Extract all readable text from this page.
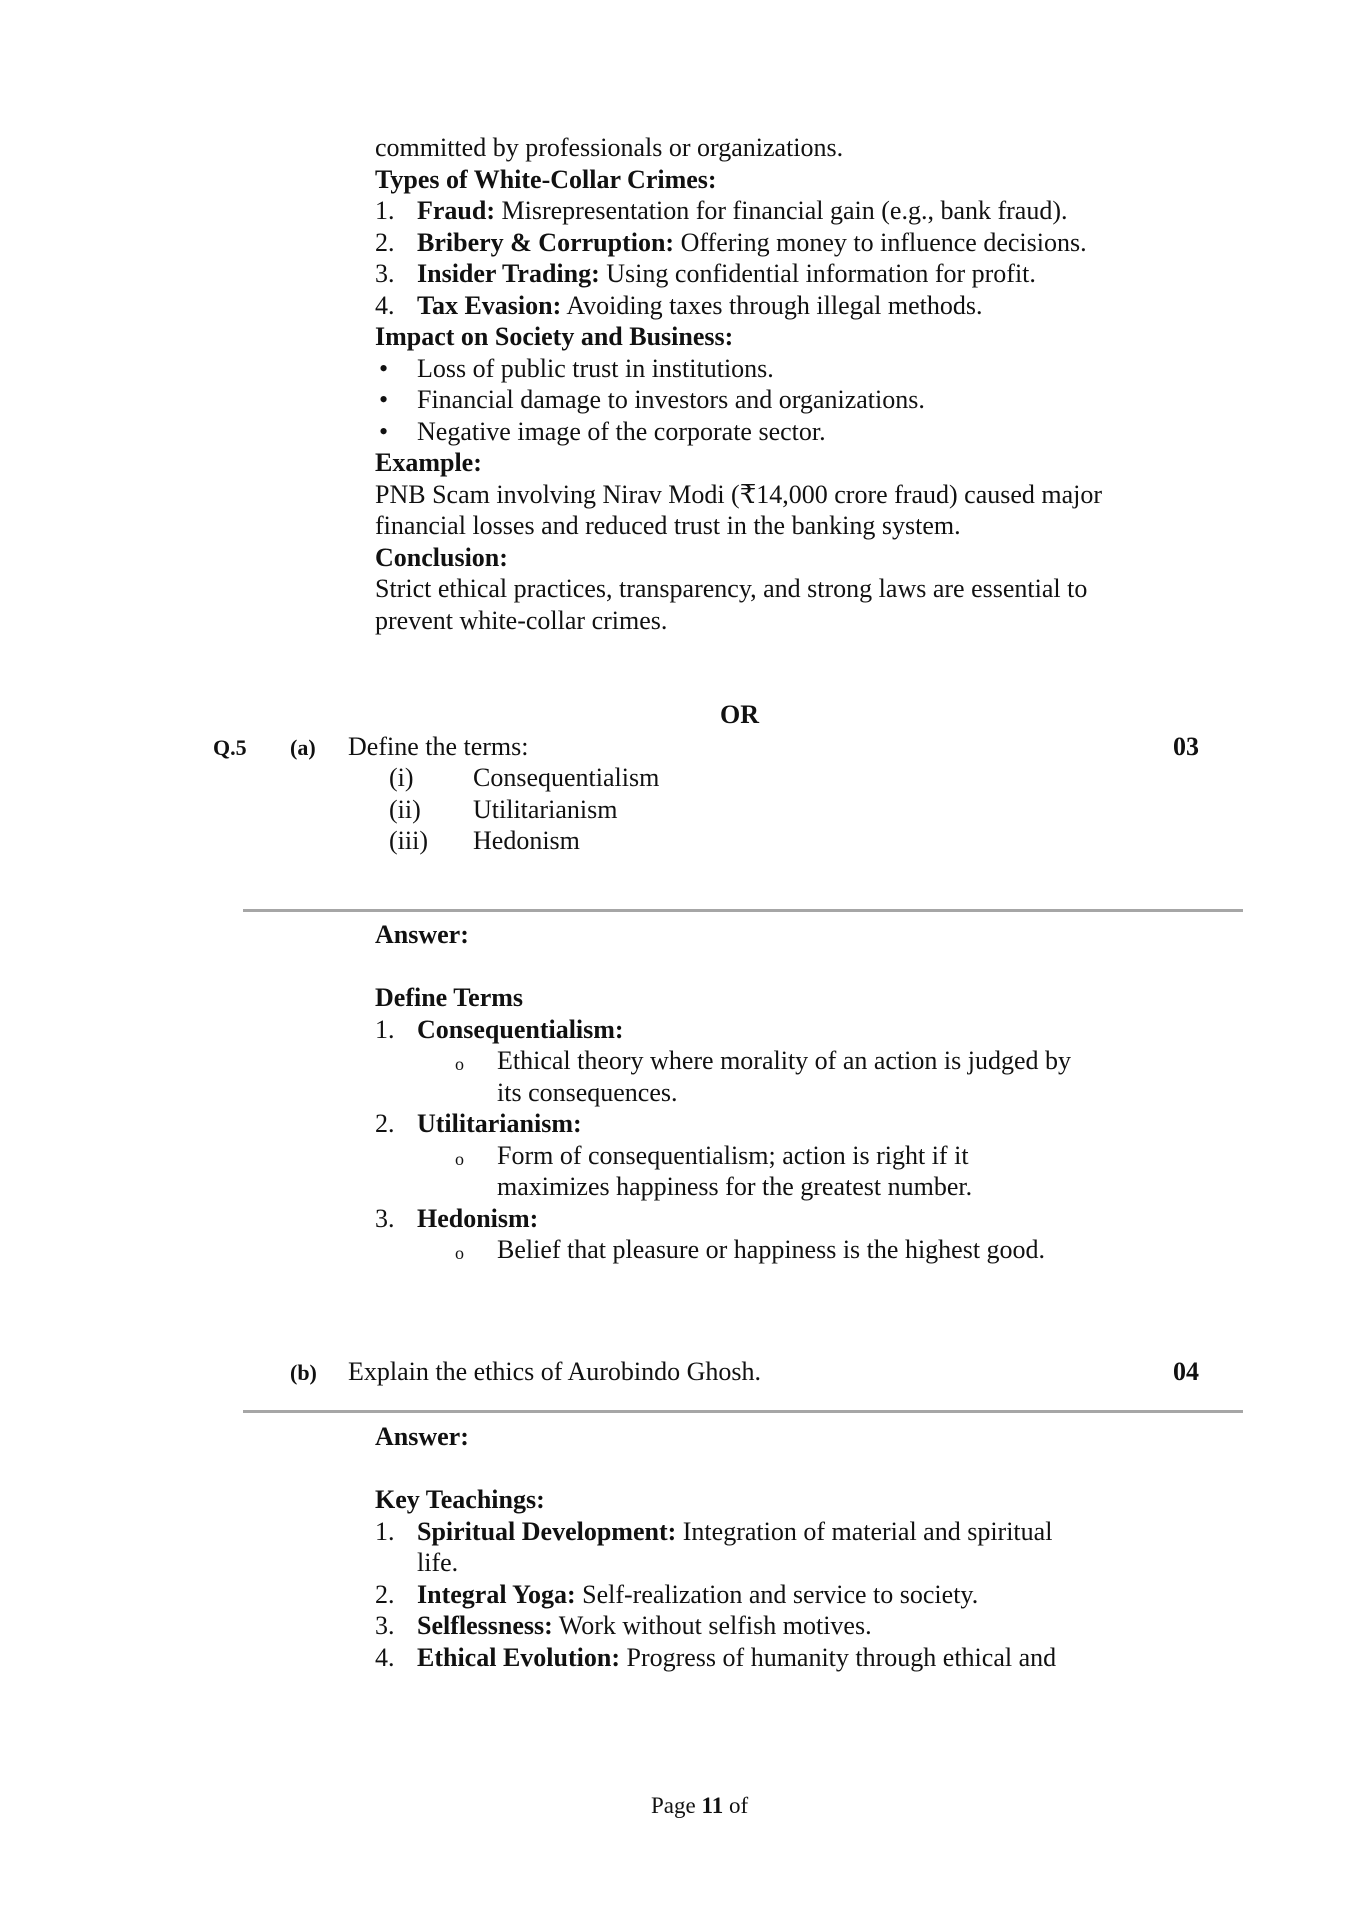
committed by professionals or organizations.
Types of White-Collar Crimes:
1. Fraud: Misrepresentation for financial gain (e.g., bank fraud).
2. Bribery & Corruption: Offering money to influence decisions.
3. Insider Trading: Using confidential information for profit.
4. Tax Evasion: Avoiding taxes through illegal methods.
Impact on Society and Business:
•	Loss of public trust in institutions.
•	Financial damage to investors and organizations.
•	Negative image of the corporate sector.
Example:
PNB Scam involving Nirav Modi (₹14,000 crore fraud) caused major
financial losses and reduced trust in the banking system.
Conclusion:
Strict ethical practices, transparency, and strong laws are essential to
prevent white-collar crimes.
OR
Q.5 (a) Define the terms:	03
(i)	Consequentialism
(ii)	Utilitarianism
(iii)	Hedonism
Answer:
Define Terms
1. Consequentialism:
o	Ethical theory where morality of an action is judged by
its consequences.
2. Utilitarianism:
o	Form of consequentialism; action is right if it
maximizes happiness for the greatest number.
3. Hedonism:
o	Belief that pleasure or happiness is the highest good.
(b) Explain the ethics of Aurobindo Ghosh.	04
Answer:
Key Teachings:
1. Spiritual Development: Integration of material and spiritual
life.
2. Integral Yoga: Self-realization and service to society.
3. Selflessness: Work without selfish motives.
4. Ethical Evolution: Progress of humanity through ethical and
Page 11 of
